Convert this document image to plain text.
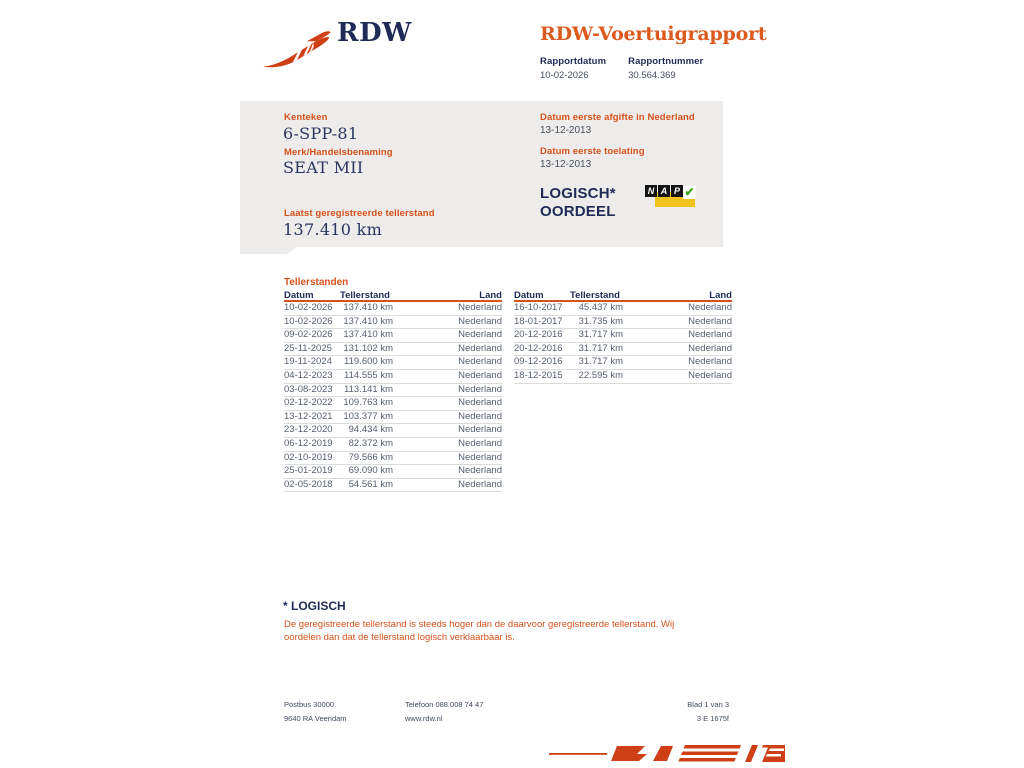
RDW	RDW-Voertuigrapport
Rapportdatum
10-02-2026
Rapportnummer
30.564.369
Kenteken
6-SPP-81
Merk/Handelsbenaming
SEAT MII
Laatst geregistreerde tellerstand
137.410 km
Datum eerste afgifte in Nederland
13-12-2013
Datum eerste toelating
13-12-2013
LOGISCH*
OORDEEL
N A P ✔
Tellerstanden
Datum	Tellerstand	Land
10-02-2026	137.410 km	Nederland
10-02-2026	137.410 km	Nederland
09-02-2026	137.410 km	Nederland
25-11-2025	131.102 km	Nederland
19-11-2024	119.600 km	Nederland
04-12-2023	114.555 km	Nederland
03-08-2023	113.141 km	Nederland
02-12-2022	109.763 km	Nederland
13-12-2021	103.377 km	Nederland
23-12-2020	94.434 km	Nederland
06-12-2019	82.372 km	Nederland
02-10-2019	79.566 km	Nederland
25-01-2019	69.090 km	Nederland
02-05-2018	54.561 km	Nederland
Datum	Tellerstand	Land
16-10-2017	45.437 km	Nederland
18-01-2017	31.735 km	Nederland
20-12-2016	31.717 km	Nederland
20-12-2016	31.717 km	Nederland
09-12-2016	31.717 km	Nederland
18-12-2015	22.595 km	Nederland
* LOGISCH
De geregistreerde tellerstand is steeds hoger dan de daarvoor geregistreerde tellerstand. Wij oordelen dan dat de tellerstand logisch verklaarbaar is.
Postbus 30000
9640 RA Veendam
Telefoon 088 008 74 47
www.rdw.nl
Blad 1 van 3
3 E 1675f
